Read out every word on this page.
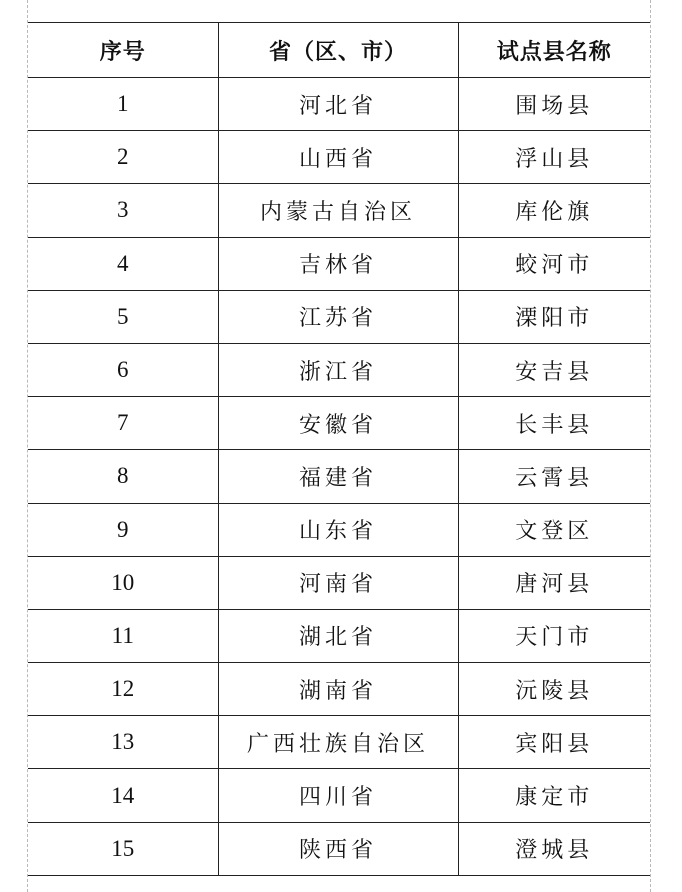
序号	省（区、市）	试点县名称
1	河北省	围场县
2	山西省	浮山县
3	内蒙古自治区	库伦旗
4	吉林省	蛟河市
5	江苏省	溧阳市
6	浙江省	安吉县
7	安徽省	长丰县
8	福建省	云霄县
9	山东省	文登区
10	河南省	唐河县
11	湖北省	天门市
12	湖南省	沅陵县
13	广西壮族自治区	宾阳县
14	四川省	康定市
15	陕西省	澄城县
